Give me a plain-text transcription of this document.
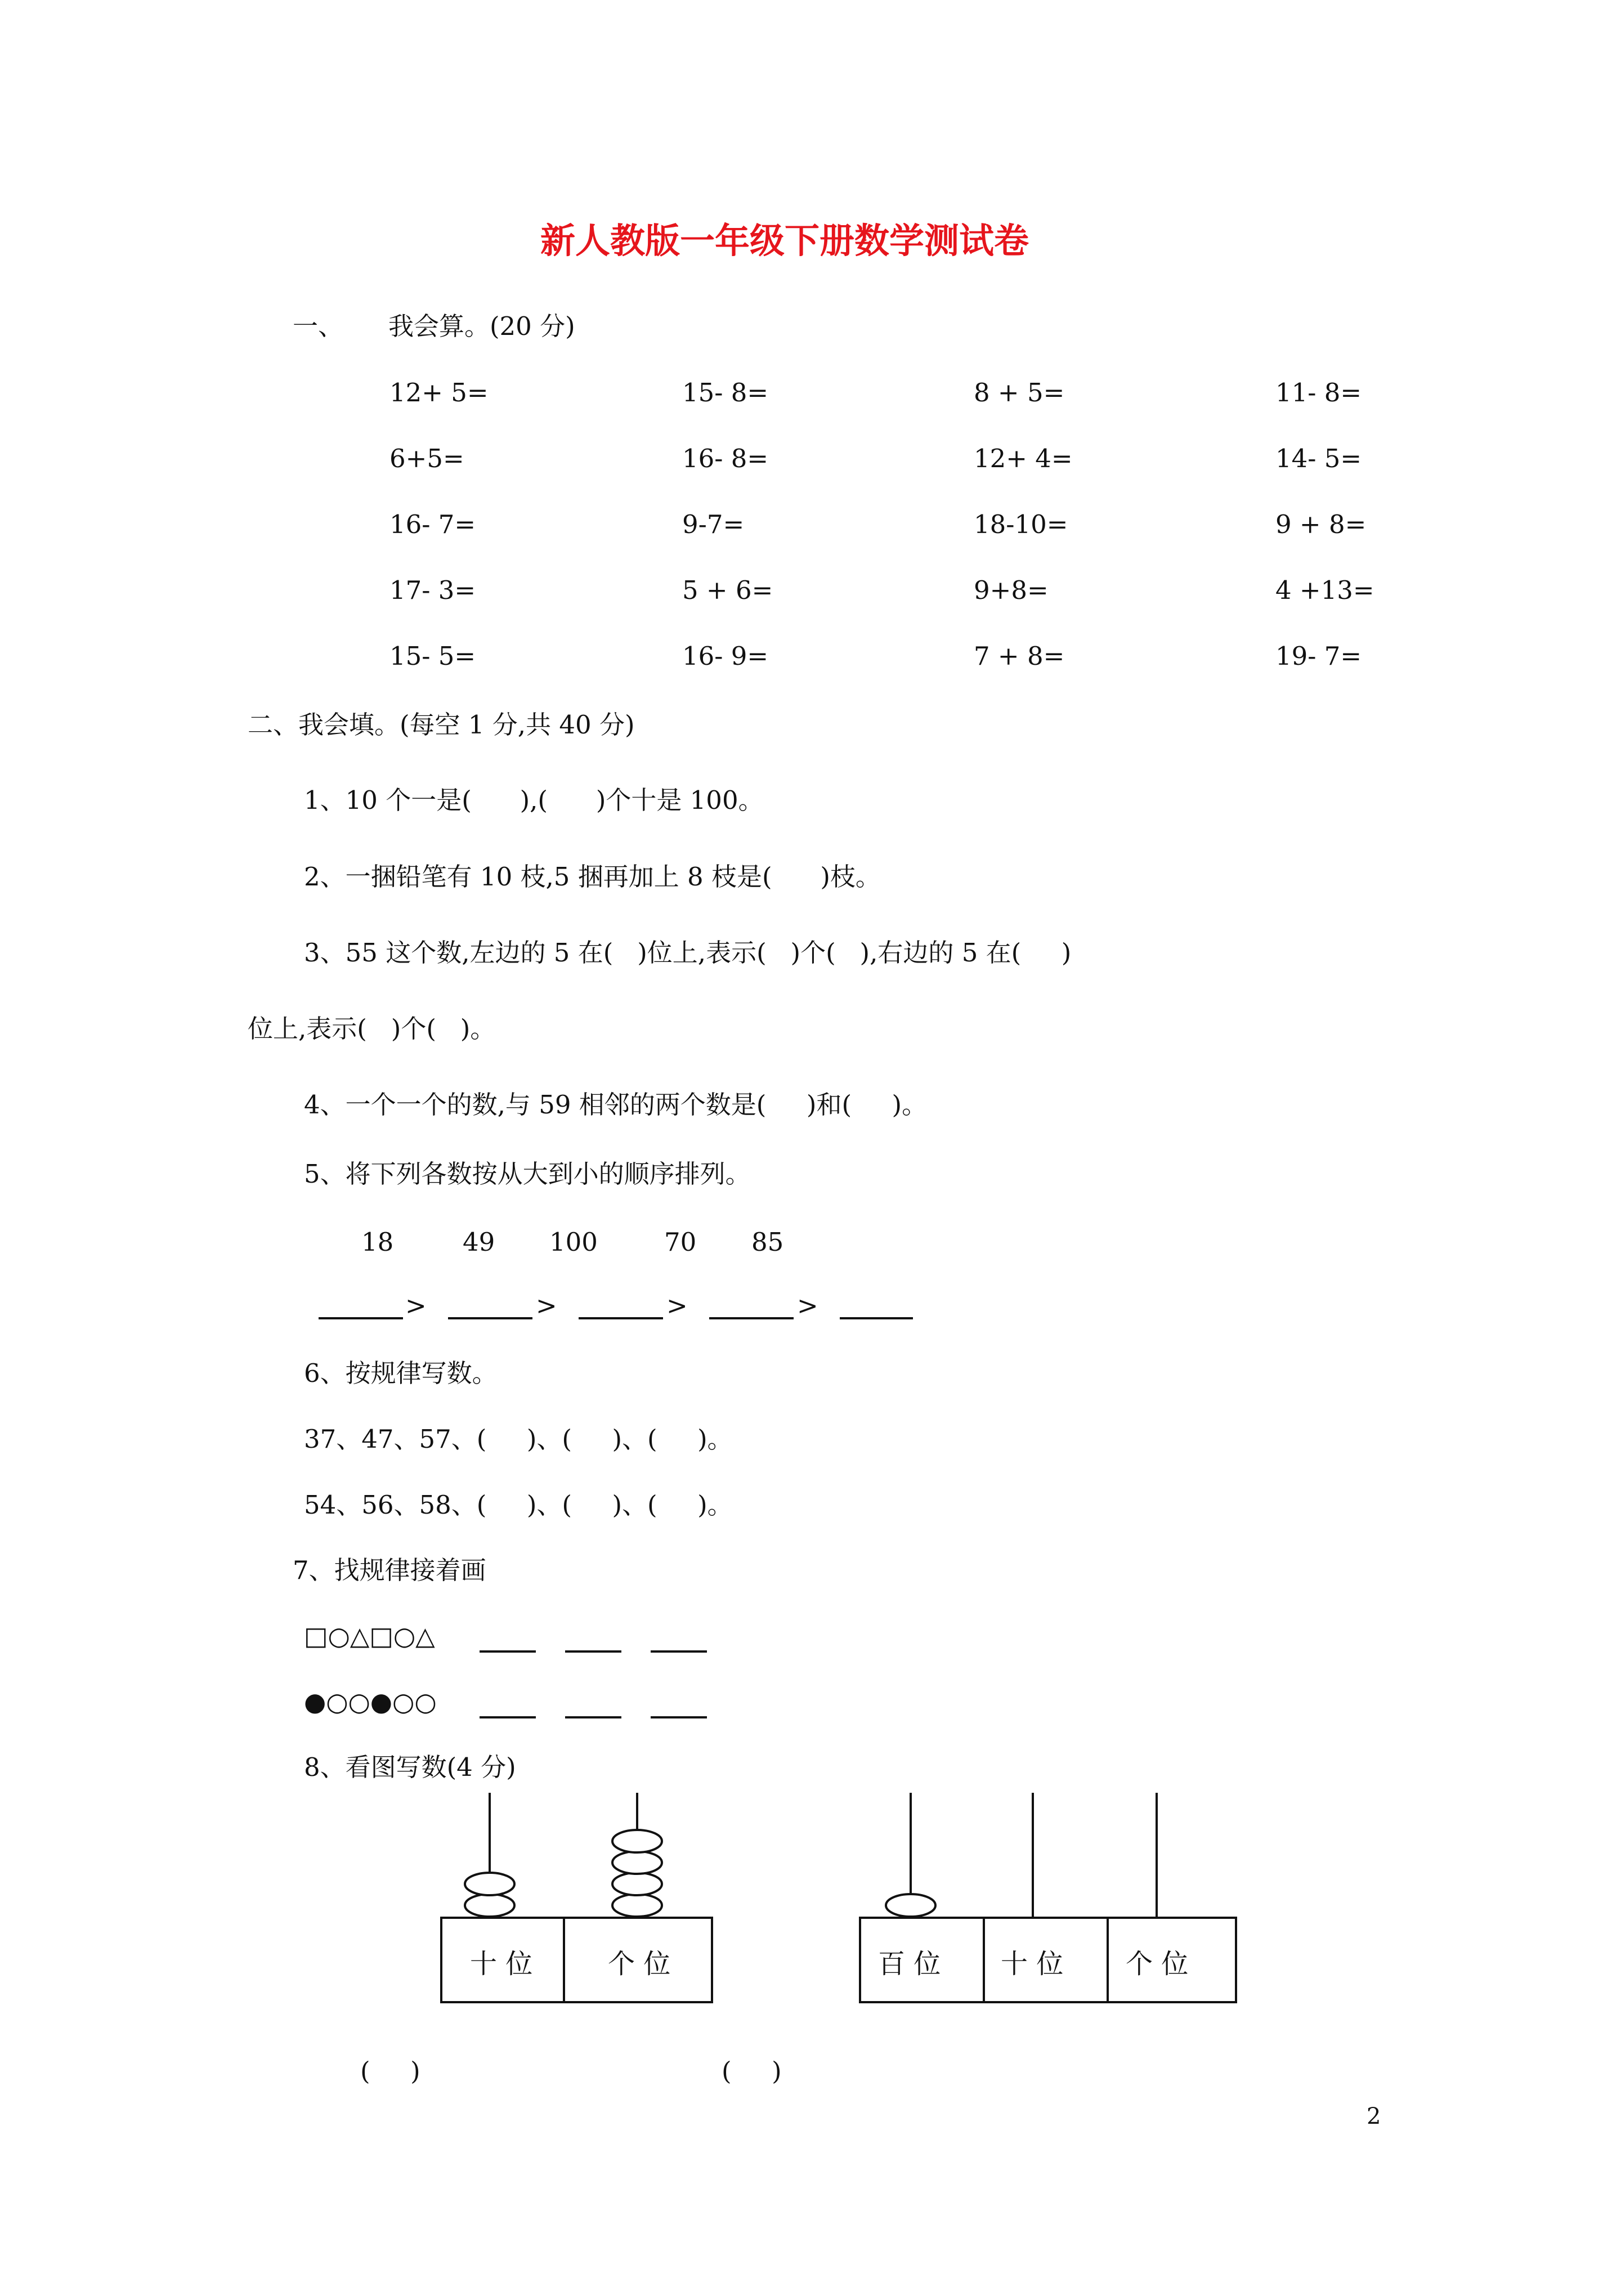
新人教版一年级下册数学测试卷
一、 我会算。(20 分)
12+ 5=	15- 8=	8 + 5=	11- 8=
6+5=	16- 8=	12+ 4=	14- 5=
16- 7=	9-7=	18-10=	9 + 8=
17- 3=	5 + 6=	9+8=	4 +13=
15- 5=	16- 9=	7 + 8=	19- 7=
二、我会填。(每空 1 分,共 40 分)
1、10 个一是(      ),(      )个十是 100。
2、一捆铅笔有 10 枝,5 捆再加上 8 枝是(      )枝。
3、55 这个数,左边的 5 在(   )位上,表示(   )个(   ),右边的 5 在(     )
位上,表示(   )个(   )。
4、一个一个的数,与 59 相邻的两个数是(     )和(     )。
5、将下列各数按从大到小的顺序排列。
18	49 100	70 85
>	>	>	>
6、按规律写数。
37、47、57、(     )、(     )、(     )。
54、56、58、(     )、(     )、(     )。
7、找规律接着画
□○△□○△
●○○●○○
8、看图写数(4 分)
十 位	个 位	百 位 十 位 个 位
(     )	(     )
2
